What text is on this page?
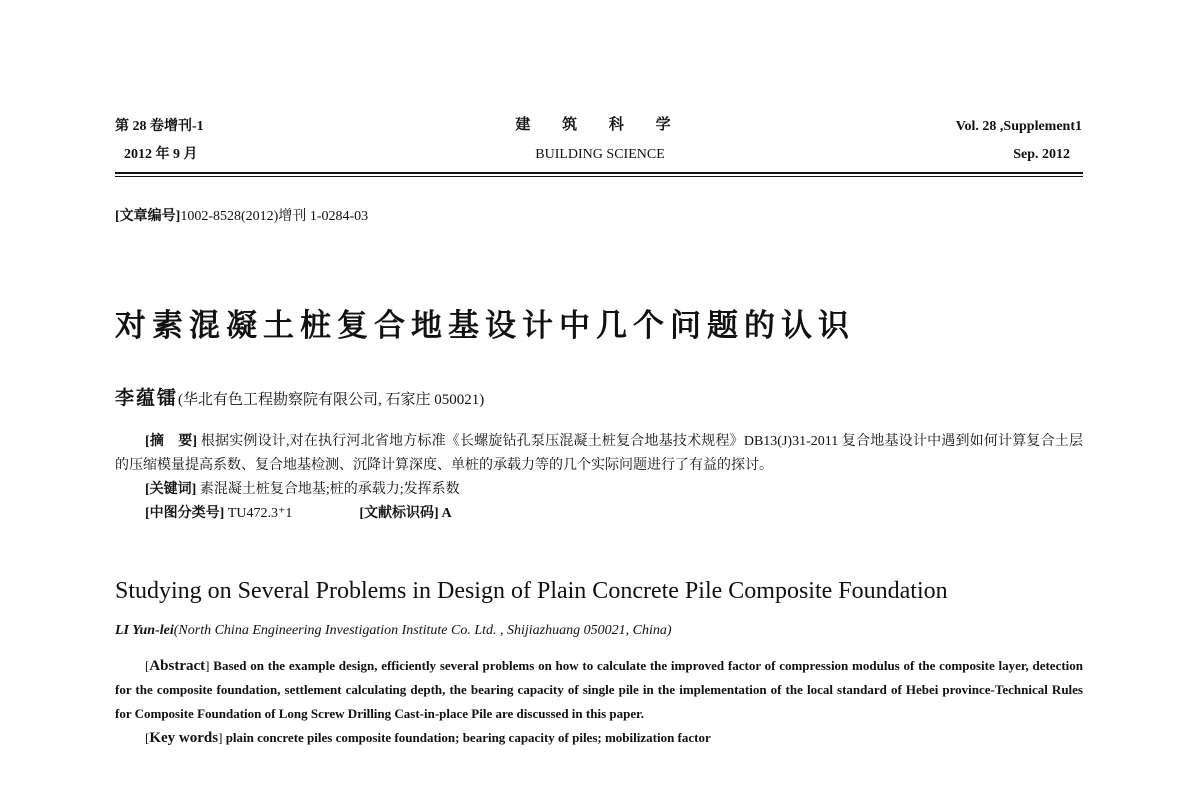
第 28 卷增刊-1
2012 年 9 月
建 筑 科 学
BUILDING SCIENCE
Vol. 28 ,Supplement1
Sep. 2012
[文章编号]1002-8528(2012)增刊 1-0284-03
对素混凝土桩复合地基设计中几个问题的认识
李蕴镭(华北有色工程勘察院有限公司, 石家庄 050021)

[摘　要] 根据实例设计,对在执行河北省地方标准《长螺旋钻孔泵压混凝土桩复合地基技术规程》DB13(J)31-2011 复合地基设计中遇到如何计算复合土层的压缩模量提高系数、复合地基检测、沉降计算深度、单桩的承载力等的几个实际问题进行了有益的探讨。

[关键词] 素混凝土桩复合地基;桩的承载力;发挥系数

[中图分类号] TU472.3⁺1	[文献标识码] A

Studying on Several Problems in Design of Plain Concrete Pile Composite Foundation
LI Yun-lei(North China Engineering Investigation Institute Co. Ltd. , Shijiazhuang 050021, China)

[Abstract] Based on the example design, efficiently several problems on how to calculate the improved factor of compression modulus of the composite layer, detection for the composite foundation, settlement calculating depth, the bearing capacity of single pile in the implementation of the local standard of Hebei province-Technical Rules for Composite Foundation of Long Screw Drilling Cast-in-place Pile are discussed in this paper.

[Key words] plain concrete piles composite foundation; bearing capacity of piles; mobilization factor
